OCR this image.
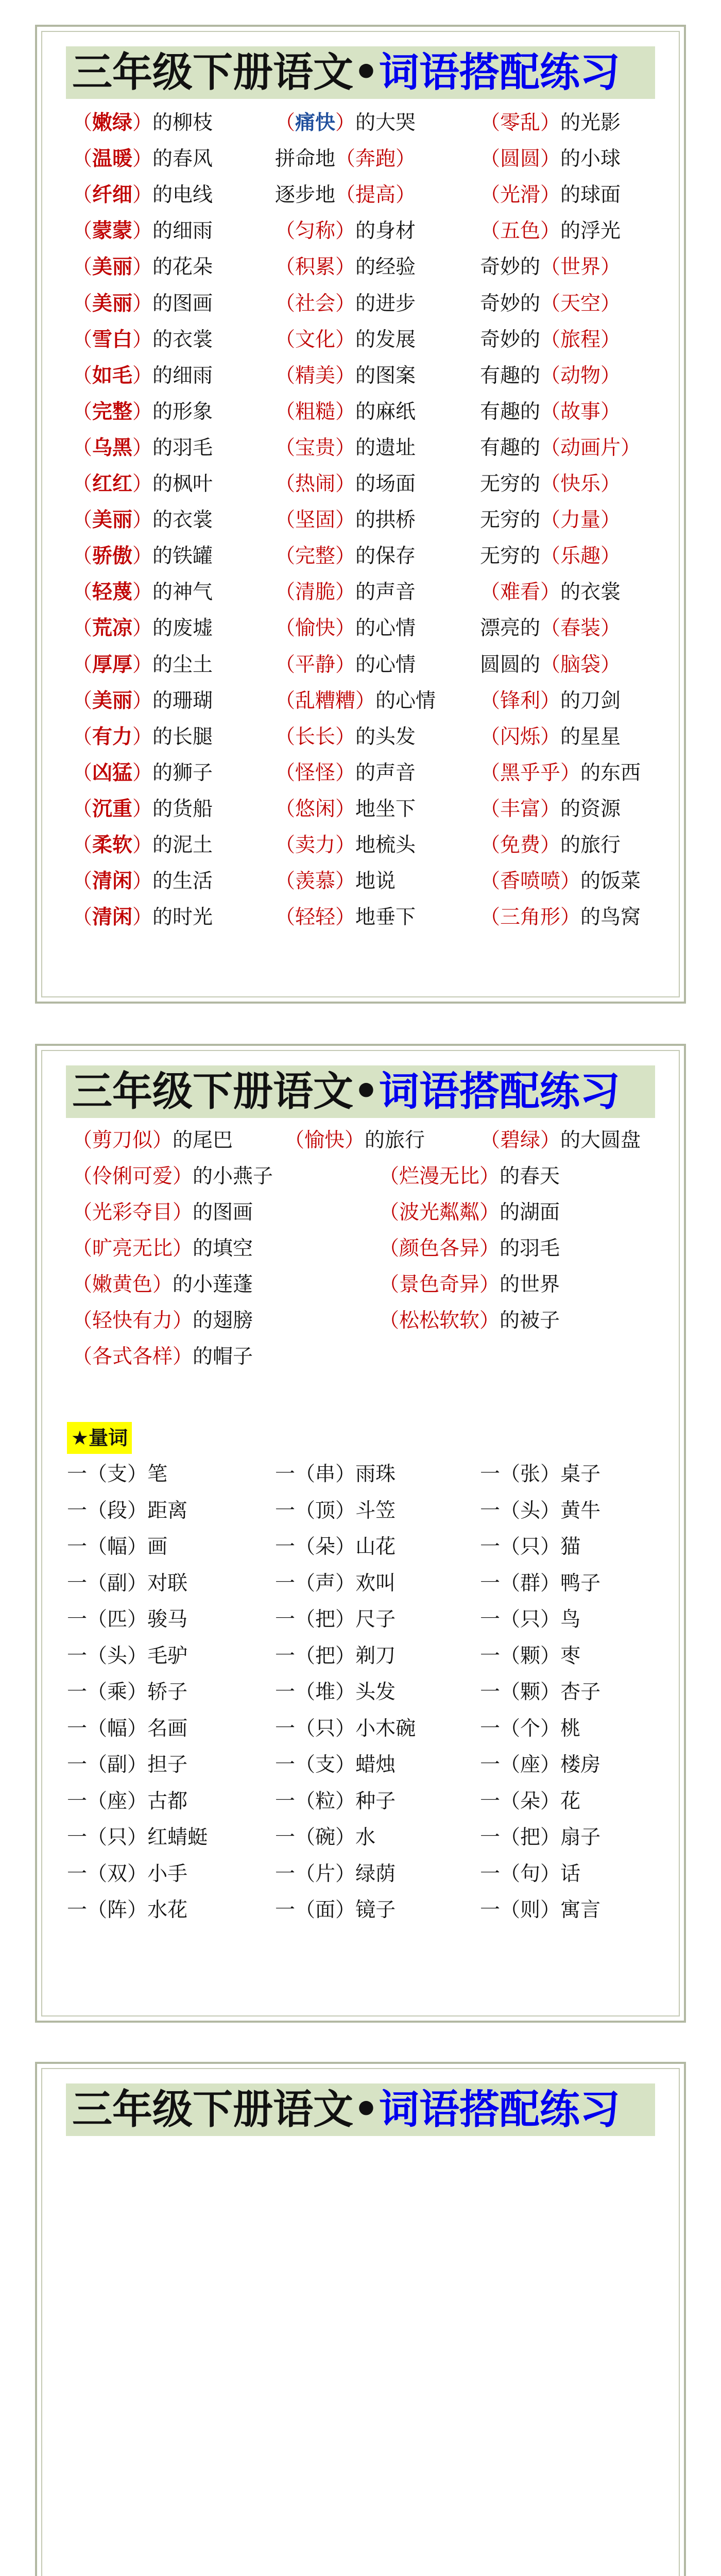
三年级下册语文 • 词语搭配练习
（嫩绿）的柳枝	（痛快）的大哭	（零乱）的光影
（温暖）的春风	拼命地（奔跑）	（圆圆）的小球
（纤细）的电线	逐步地（提高）	（光滑）的球面
（蒙蒙）的细雨	（匀称）的身材	（五色）的浮光
（美丽）的花朵	（积累）的经验	奇妙的（世界）
（美丽）的图画	（社会）的进步	奇妙的（天空）
（雪白）的衣裳	（文化）的发展	奇妙的（旅程）
（如毛）的细雨	（精美）的图案	有趣的（动物）
（完整）的形象	（粗糙）的麻纸	有趣的（故事）
（乌黑）的羽毛	（宝贵）的遗址	有趣的（动画片）
（红红）的枫叶	（热闹）的场面	无穷的（快乐）
（美丽）的衣裳	（坚固）的拱桥	无穷的（力量）
（骄傲）的铁罐	（完整）的保存	无穷的（乐趣）
（轻蔑）的神气	（清脆）的声音	（难看）的衣裳
（荒凉）的废墟	（愉快）的心情	漂亮的（春装）
（厚厚）的尘土	（平静）的心情	圆圆的（脑袋）
（美丽）的珊瑚	（乱糟糟）的心情 （锋利）的刀剑
（有力）的长腿	（长长）的头发	（闪烁）的星星
（凶猛）的狮子	（怪怪）的声音	（黑乎乎）的东西
（沉重）的货船	（悠闲）地坐下	（丰富）的资源
（柔软）的泥土	（卖力）地梳头	（免费）的旅行
（清闲）的生活	（羡慕）地说	（香喷喷）的饭菜
（清闲）的时光	（轻轻）地垂下	（三角形）的鸟窝
三年级下册语文 • 词语搭配练习
（剪刀似）的尾巴	（愉快）的旅行	（碧绿）的大圆盘
（伶俐可爱）的小燕子	（烂漫无比）的春天
（光彩夺目）的图画	（波光粼粼）的湖面
（旷亮无比）的填空	（颜色各异）的羽毛
（嫩黄色）的小莲蓬	（景色奇异）的世界
（轻快有力）的翅膀	（松松软软）的被子
（各式各样）的帽子
★量词
一（支）笔	一（串）雨珠	一（张）桌子
一（段）距离	一（顶）斗笠	一（头）黄牛
一（幅）画	一（朵）山花	一（只）猫
一（副）对联	一（声）欢叫	一（群）鸭子
一（匹）骏马	一（把）尺子	一（只）鸟
一（头）毛驴	一（把）剃刀	一（颗）枣
一（乘）轿子	一（堆）头发	一（颗）杏子
一（幅）名画	一（只）小木碗	一（个）桃
一（副）担子	一（支）蜡烛	一（座）楼房
一（座）古都	一（粒）种子	一（朵）花
一（只）红蜻蜓	一（碗）水	一（把）扇子
一（双）小手	一（片）绿荫	一（句）话
一（阵）水花	一（面）镜子	一（则）寓言
三年级下册语文 • 词语搭配练习
